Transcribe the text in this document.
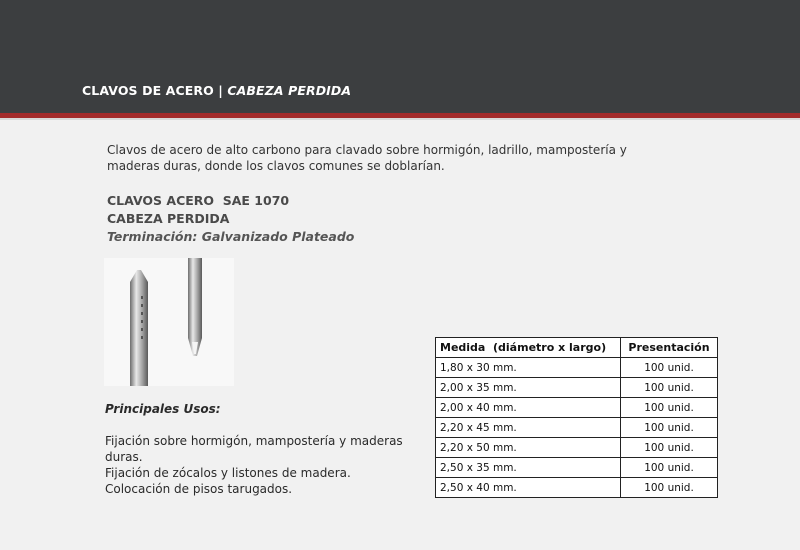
CLAVOS DE ACERO | CABEZA PERDIDA
Clavos de acero de alto carbono para clavado sobre hormigón, ladrillo, mampostería y maderas duras, donde los clavos comunes se doblarían.
CLAVOS ACERO  SAE 1070
CABEZA PERDIDA
Terminación: Galvanizado Plateado
Principales Usos:
Fijación sobre hormigón, mampostería y maderas duras.
Fijación de zócalos y listones de madera.
Colocación de pisos tarugados.
Medida  (diámetro x largo)	Presentación
1,80 x 30 mm.	100 unid.
2,00 x 35 mm.	100 unid.
2,00 x 40 mm.	100 unid.
2,20 x 45 mm.	100 unid.
2,20 x 50 mm.	100 unid.
2,50 x 35 mm.	100 unid.
2,50 x 40 mm.	100 unid.
